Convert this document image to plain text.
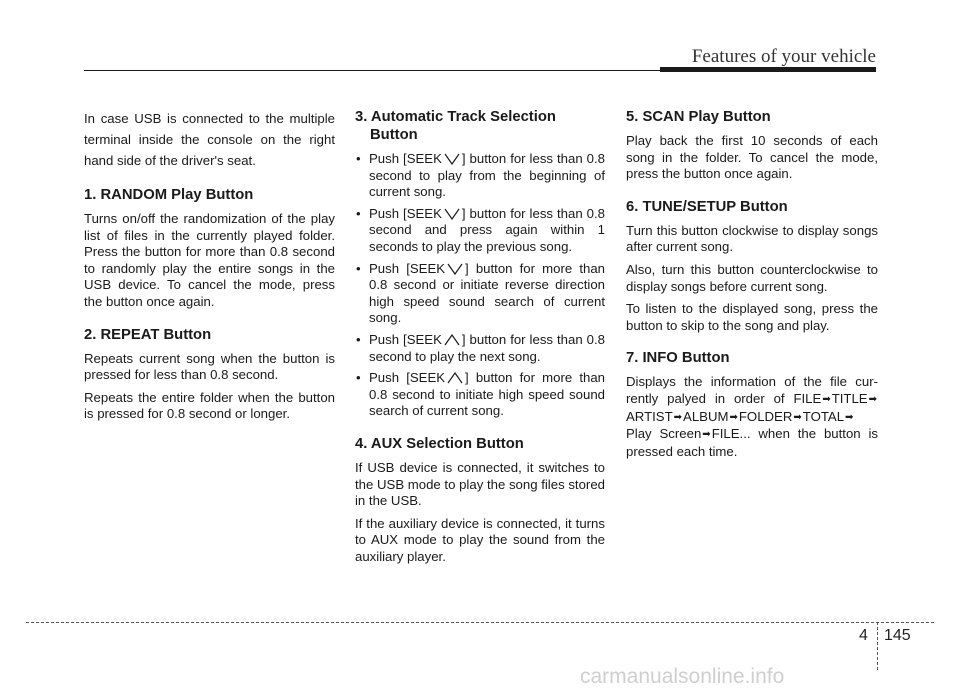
Features of your vehicle

In case USB is connected to the multiple terminal inside the console on the right hand side of the driver's seat.

1. RANDOM Play Button

Turns on/off the randomization of the play list of files in the currently played folder. Press the button for more than 0.8 second to randomly play the entire songs in the USB device. To cancel the mode, press the button once again.

2. REPEAT Button

Repeats current song when the button is pressed for less than 0.8 second.

Repeats the entire folder when the button is pressed for 0.8 second or longer.

3. Automatic Track Selection Button
• Push [SEEK ] button for less than 0.8 second to play from the beginning of current song.
• Push [SEEK ] button for less than 0.8 second and press again within 1 seconds to play the previous song.
• Push [SEEK ] button for more than 0.8 second or initiate reverse direction high speed sound search of current song.
• Push [SEEK ] button for less than 0.8 second to play the next song.
• Push [SEEK ] button for more than 0.8 second to initiate high speed sound search of current song.
4. AUX Selection Button

If USB device is connected, it switches to the USB mode to play the song files stored in the USB.

If the auxiliary device is connected, it turns to AUX mode to play the sound from the auxiliary player.

5. SCAN Play Button

Play back the first 10 seconds of each song in the folder. To cancel the mode, press the button once again.

6. TUNE/SETUP Button

Turn this button clockwise to display songs after current song.

Also, turn this button counterclockwise to display songs before current song.

To listen to the displayed song, press the button to skip to the song and play.

7. INFO Button

Displays the information of the file cur- rently palyed in order of FILE➡TITLE➡ARTIST➡ALBUM➡FOLDER➡TOTAL➡Play Screen➡FILE... when the button is pressed each time.

4 145
carmanualsonline.info
